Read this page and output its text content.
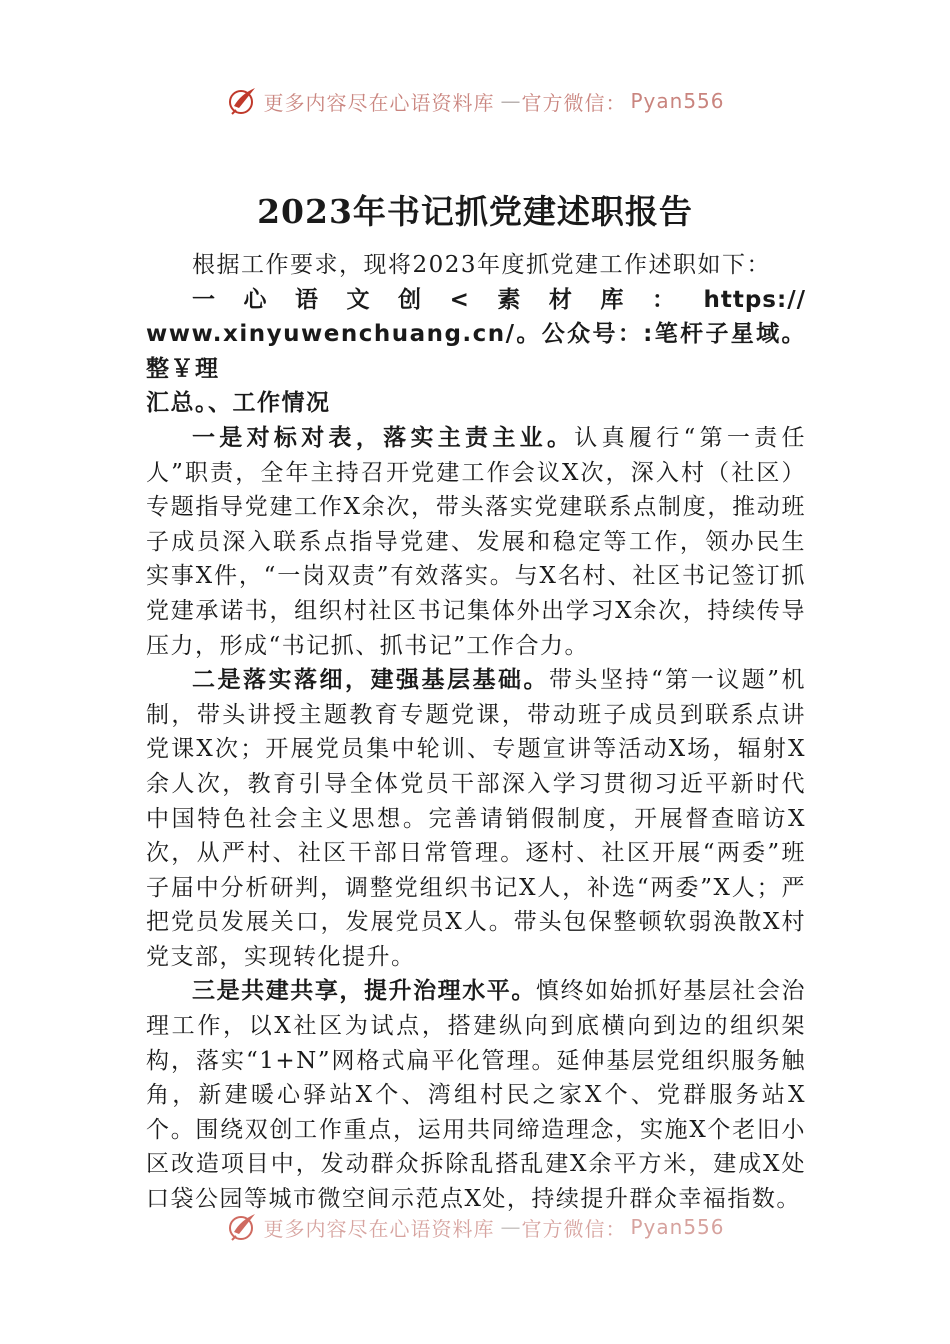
更多内容尽在心语资料库 — 官方微信： Pyan556
2023年书记抓党建述职报告

根据工作要求，现将2023年度抓党建工作述职如下：

一心语文创<素材库：https://

www.xinyuwenchuang.cn/。公众号：:笔杆子星域。整￥理

汇总。、工作情况

一是对标对表，落实主责主业。认真履行“第一责任人”职责，全年主持召开党建工作会议X次，深入村（社区）专题指导党建工作X余次，带头落实党建联系点制度，推动班子成员深入联系点指导党建、发展和稳定等工作，领办民生实事X件，“一岗双责”有效落实。与X名村、社区书记签订抓党建承诺书，组织村社区书记集体外出学习X余次，持续传导压力，形成“书记抓、抓书记”工作合力。

二是落实落细，建强基层基础。带头坚持“第一议题”机制，带头讲授主题教育专题党课，带动班子成员到联系点讲党课X次；开展党员集中轮训、专题宣讲等活动X场，辐射X余人次，教育引导全体党员干部深入学习贯彻习近平新时代中国特色社会主义思想。完善请销假制度，开展督查暗访X次，从严村、社区干部日常管理。逐村、社区开展“两委”班子届中分析研判，调整党组织书记X人，补选“两委”X人；严把党员发展关口，发展党员X人。带头包保整顿软弱涣散X村党支部，实现转化提升。

三是共建共享，提升治理水平。慎终如始抓好基层社会治理工作，以X社区为试点，搭建纵向到底横向到边的组织架构，落实“1+N”网格式扁平化管理。延伸基层党组织服务触角，新建暖心驿站X个、湾组村民之家X个、党群服务站X个。围绕双创工作重点，运用共同缔造理念，实施X个老旧小区改造项目中，发动群众拆除乱搭乱建X余平方米，建成X处口袋公园等城市微空间示范点X处，持续提升群众幸福指数。

更多内容尽在心语资料库 — 官方微信： Pyan556
